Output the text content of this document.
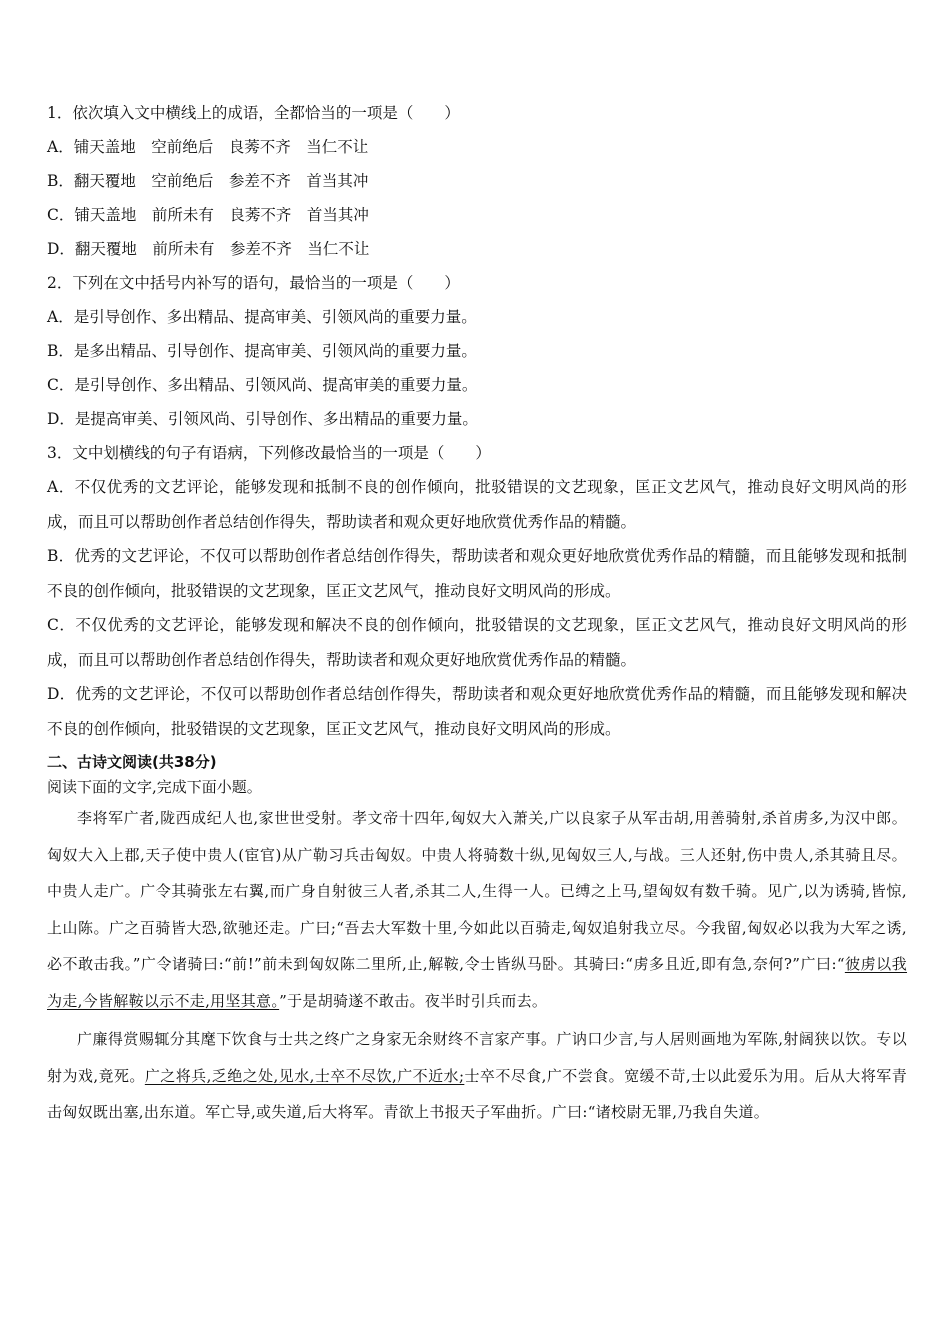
1．依次填入文中横线上的成语，全都恰当的一项是（　　）
A．铺天盖地　空前绝后　良莠不齐　当仁不让
B．翻天覆地　空前绝后　参差不齐　首当其冲
C．铺天盖地　前所未有　良莠不齐　首当其冲
D．翻天覆地　前所未有　参差不齐　当仁不让
2．下列在文中括号内补写的语句，最恰当的一项是（　　）
A．是引导创作、多出精品、提高审美、引领风尚的重要力量。
B．是多出精品、引导创作、提高审美、引领风尚的重要力量。
C．是引导创作、多出精品、引领风尚、提高审美的重要力量。
D．是提高审美、引领风尚、引导创作、多出精品的重要力量。
3．文中划横线的句子有语病，下列修改最恰当的一项是（　　）
A．不仅优秀的文艺评论，能够发现和抵制不良的创作倾向，批驳错误的文艺现象，匡正文艺风气，推动良好文明风尚的形成，而且可以帮助创作者总结创作得失，帮助读者和观众更好地欣赏优秀作品的精髓。
B．优秀的文艺评论，不仅可以帮助创作者总结创作得失，帮助读者和观众更好地欣赏优秀作品的精髓，而且能够发现和抵制不良的创作倾向，批驳错误的文艺现象，匡正文艺风气，推动良好文明风尚的形成。
C．不仅优秀的文艺评论，能够发现和解决不良的创作倾向，批驳错误的文艺现象，匡正文艺风气，推动良好文明风尚的形成，而且可以帮助创作者总结创作得失，帮助读者和观众更好地欣赏优秀作品的精髓。
D．优秀的文艺评论，不仅可以帮助创作者总结创作得失，帮助读者和观众更好地欣赏优秀作品的精髓，而且能够发现和解决不良的创作倾向，批驳错误的文艺现象，匡正文艺风气，推动良好文明风尚的形成。
二、古诗文阅读(共38分)
阅读下面的文字,完成下面小题。
李将军广者,陇西成纪人也,家世世受射。孝文帝十四年,匈奴大入萧关,广以良家子从军击胡,用善骑射,杀首虏多,为汉中郎。匈奴大入上郡,天子使中贵人(宦官)从广勒习兵击匈奴。中贵人将骑数十纵,见匈奴三人,与战。三人还射,伤中贵人,杀其骑且尽。中贵人走广。广令其骑张左右翼,而广身自射彼三人者,杀其二人,生得一人。已缚之上马,望匈奴有数千骑。见广,以为诱骑,皆惊,上山陈。广之百骑皆大恐,欲驰还走。广曰;“吾去大军数十里,今如此以百骑走,匈奴追射我立尽。今我留,匈奴必以我为大军之诱,必不敢击我。”广令诸骑曰:“前!”前未到匈奴陈二里所,止,解鞍,令士皆纵马卧。其骑曰:“虏多且近,即有急,奈何?”广曰:“彼虏以我为走,今皆解鞍以示不走,用坚其意。”于是胡骑遂不敢击。夜半时引兵而去。
广廉得赏赐辄分其麾下饮食与士共之终广之身家无余财终不言家产事。广讷口少言,与人居则画地为军陈,射阔狭以饮。专以射为戏,竟死。广之将兵,乏绝之处,见水,士卒不尽饮,广不近水;士卒不尽食,广不尝食。宽缓不苛,士以此爱乐为用。后从大将军青击匈奴既出塞,出东道。军亡导,或失道,后大将军。青欲上书报天子军曲折。广曰:“诸校尉无罪,乃我自失道。
